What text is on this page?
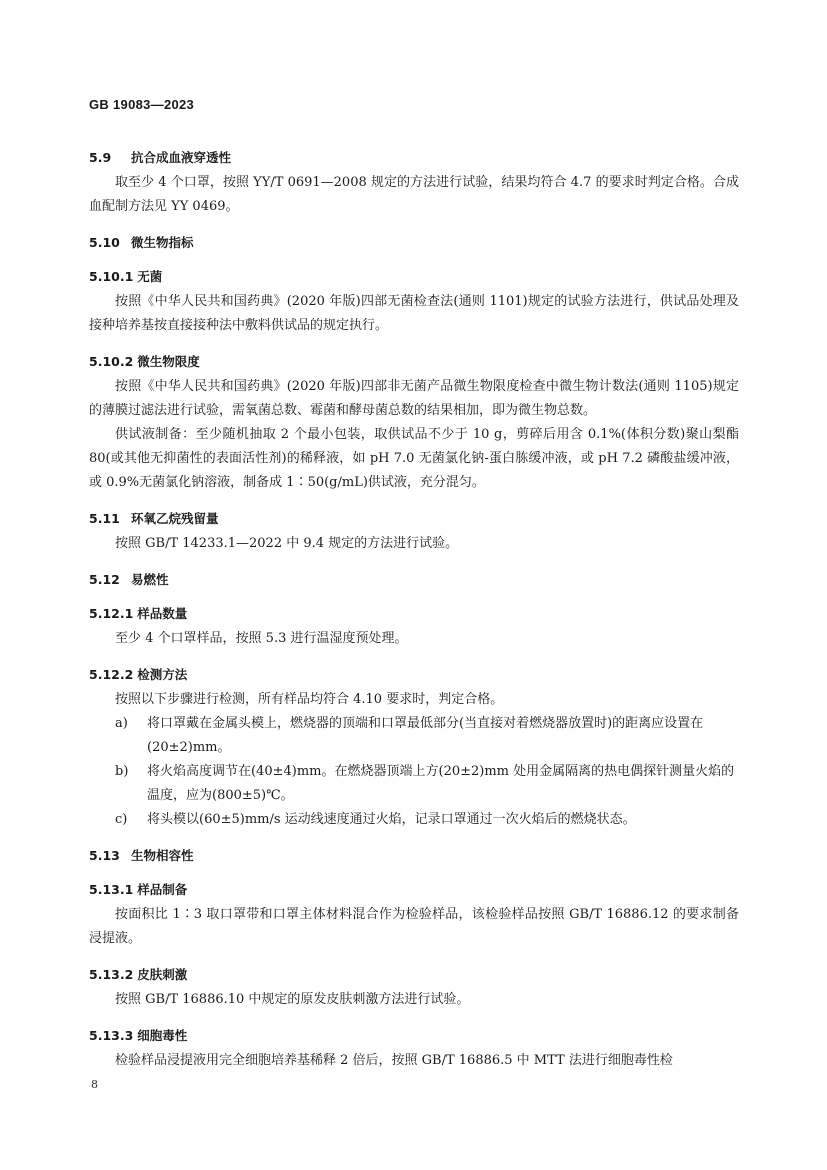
GB 19083—2023
5.9 抗合成血液穿透性

取至少 4 个口罩，按照 YY/T 0691—2008 规定的方法进行试验，结果均符合 4.7 的要求时判定合格。合成血配制方法见 YY 0469。

5.10 微生物指标
5.10.1 无菌

按照《中华人民共和国药典》(2020 年版)四部无菌检查法(通则 1101)规定的试验方法进行，供试品处理及接种培养基按直接接种法中敷料供试品的规定执行。

5.10.2 微生物限度

按照《中华人民共和国药典》(2020 年版)四部非无菌产品微生物限度检查中微生物计数法(通则 1105)规定的薄膜过滤法进行试验，需氧菌总数、霉菌和酵母菌总数的结果相加，即为微生物总数。

供试液制备：至少随机抽取 2 个最小包装，取供试品不少于 10 g，剪碎后用含 0.1%(体积分数)聚山梨酯 80(或其他无抑菌性的表面活性剂)的稀释液，如 pH 7.0 无菌氯化钠-蛋白胨缓冲液，或 pH 7.2 磷酸盐缓冲液，或 0.9%无菌氯化钠溶液，制备成 1∶50(g/mL)供试液，充分混匀。

5.11 环氧乙烷残留量

按照 GB/T 14233.1—2022 中 9.4 规定的方法进行试验。

5.12 易燃性
5.12.1 样品数量

至少 4 个口罩样品，按照 5.3 进行温湿度预处理。

5.12.2 检测方法

按照以下步骤进行检测，所有样品均符合 4.10 要求时，判定合格。

a) 将口罩戴在金属头模上，燃烧器的顶端和口罩最低部分(当直接对着燃烧器放置时)的距离应设置在(20±2)mm。
b) 将火焰高度调节在(40±4)mm。在燃烧器顶端上方(20±2)mm 处用金属隔离的热电偶探针测量火焰的温度，应为(800±5)℃。
c) 将头模以(60±5)mm/s 运动线速度通过火焰，记录口罩通过一次火焰后的燃烧状态。
5.13 生物相容性
5.13.1 样品制备

按面积比 1∶3 取口罩带和口罩主体材料混合作为检验样品，该检验样品按照 GB/T 16886.12 的要求制备浸提液。

5.13.2 皮肤刺激

按照 GB/T 16886.10 中规定的原发皮肤刺激方法进行试验。

5.13.3 细胞毒性

检验样品浸提液用完全细胞培养基稀释 2 倍后，按照 GB/T 16886.5 中 MTT 法进行细胞毒性检

8
